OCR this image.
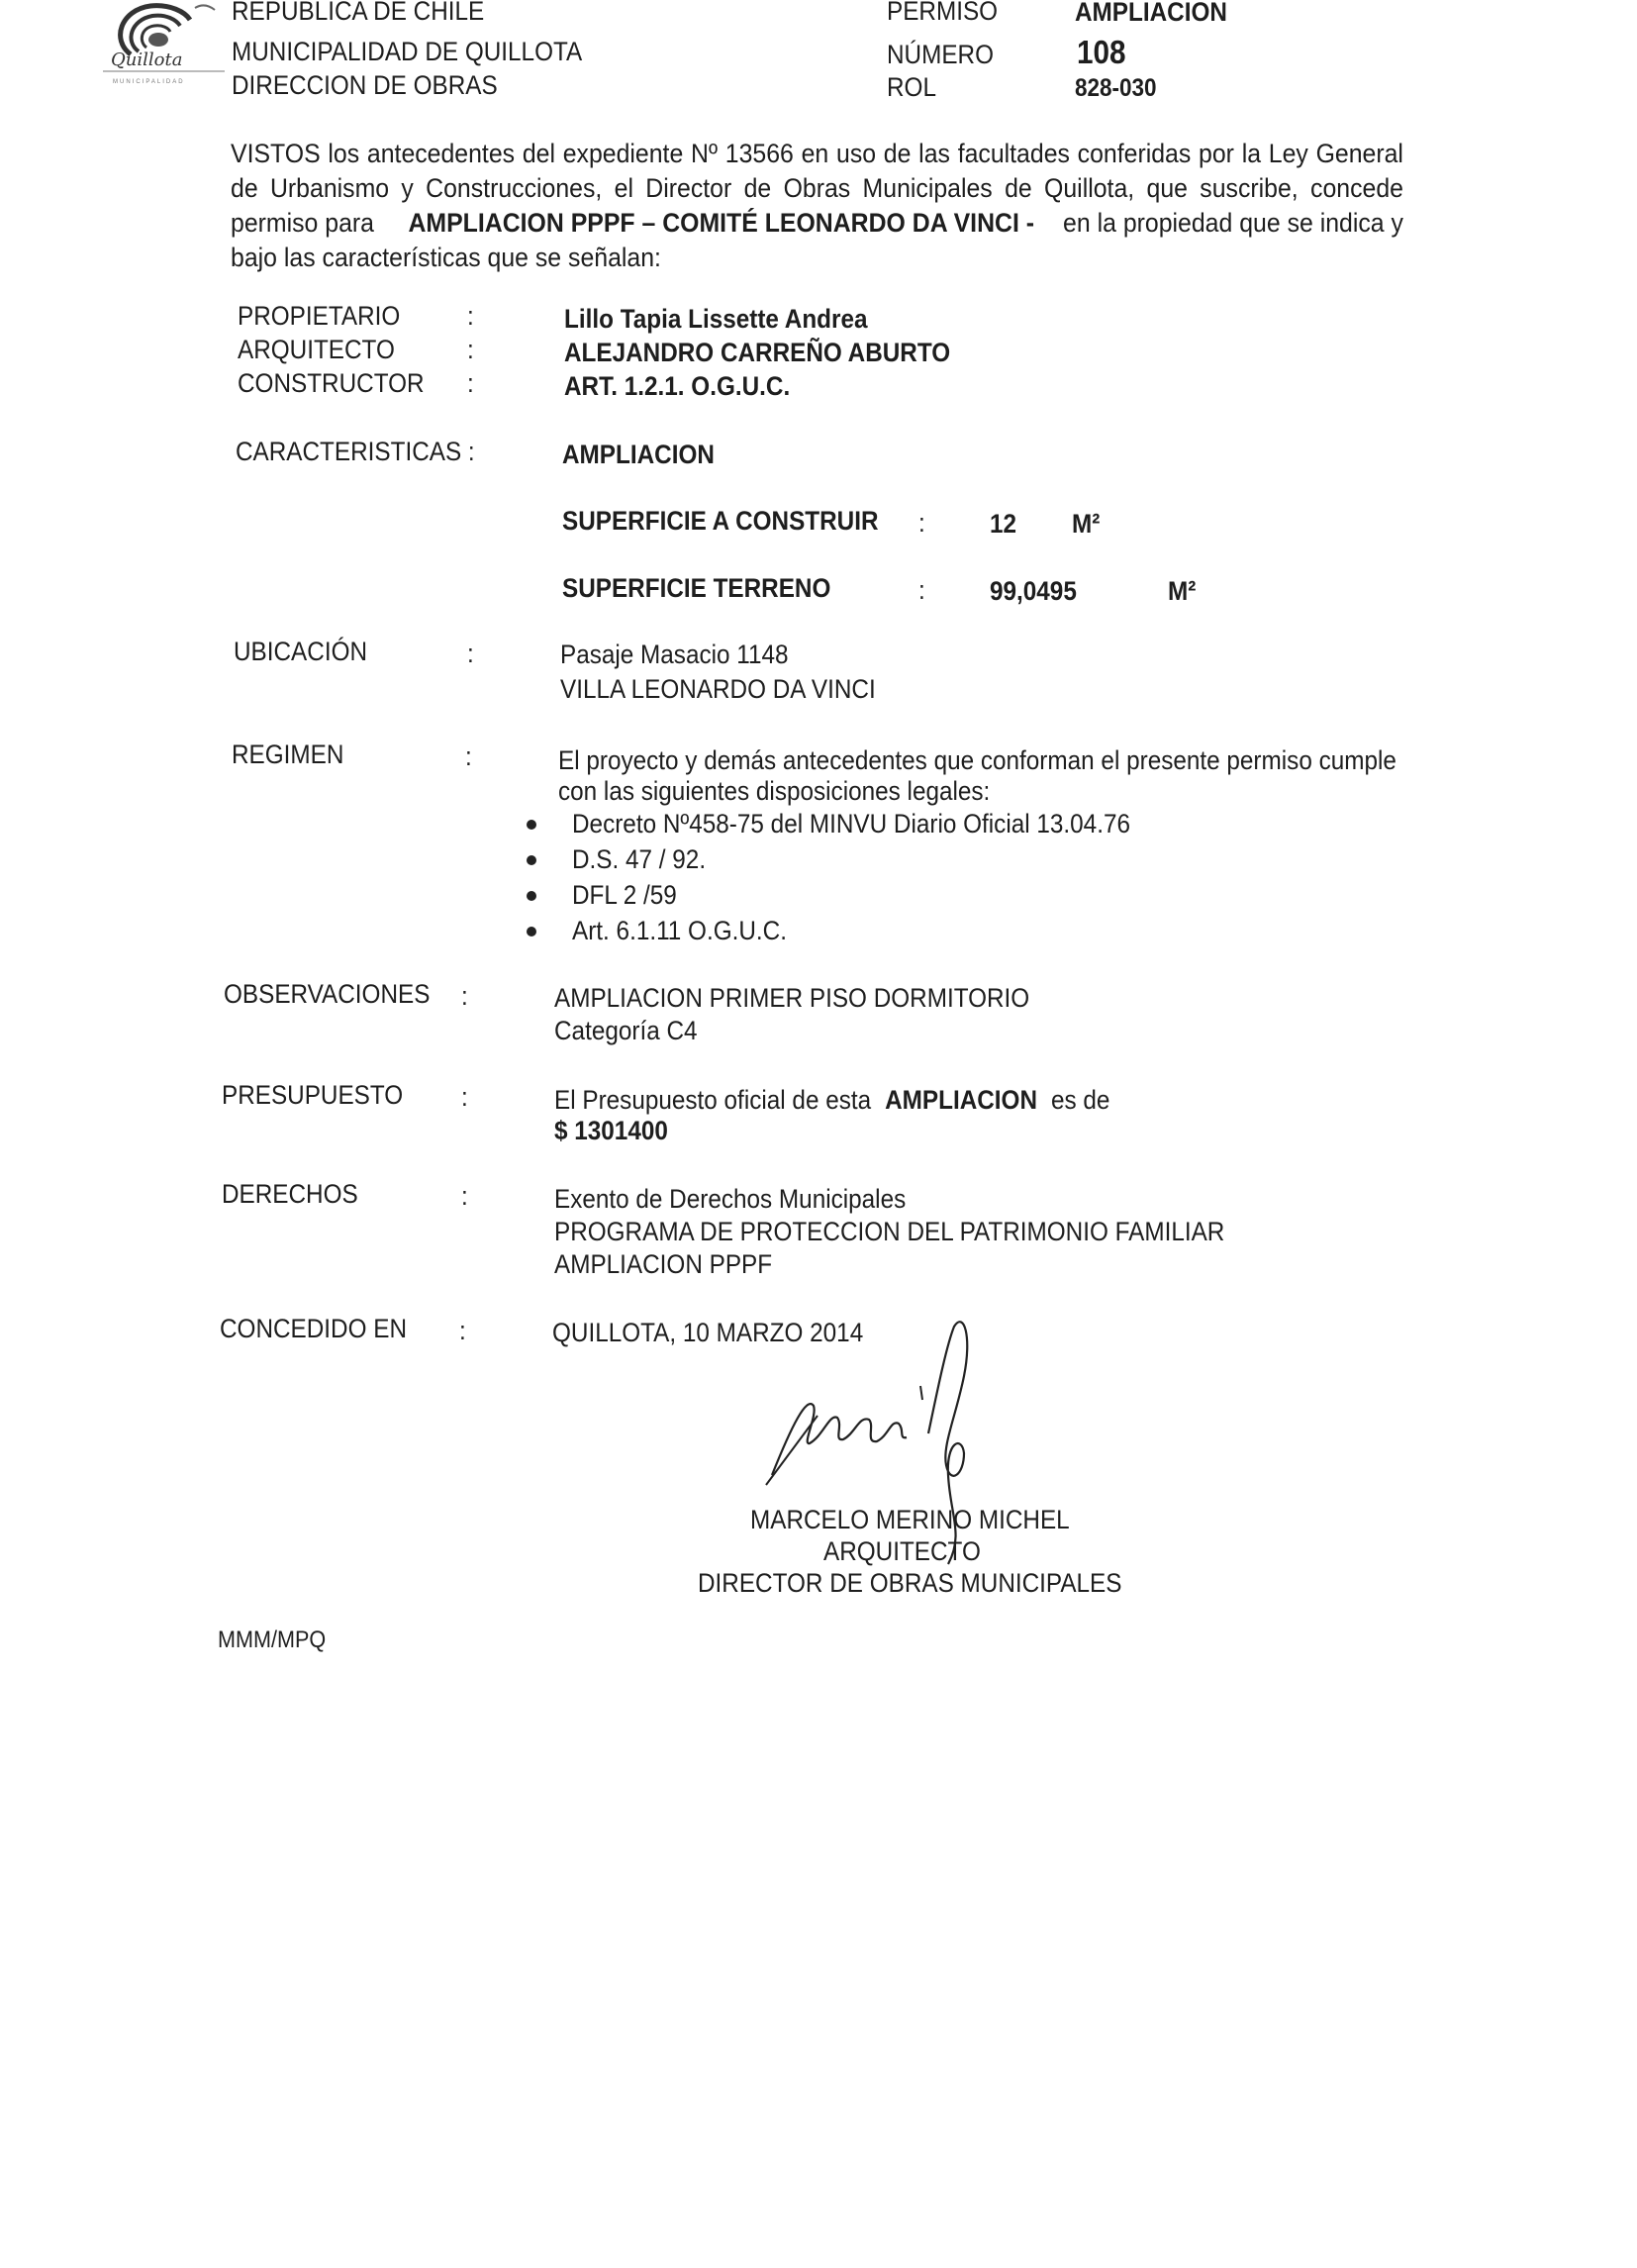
Quillota
MUNICIPALIDAD
REPUBLICA DE CHILE
MUNICIPALIDAD DE QUILLOTA
DIRECCION DE OBRAS
PERMISO	AMPLIACION
NÚMERO	108
ROL	828-030
VISTOS los antecedentes del expediente Nº 13566 en uso de las facultades conferidas por la Ley General de Urbanismo y Construcciones, el Director de Obras Municipales de Quillota, que suscribe, concede permiso para AMPLIACION PPPF – COMITÉ LEONARDO DA VINCI - en la propiedad que se indica y bajo las características que se señalan:
PROPIETARIO	:	Lillo Tapia Lissette Andrea
ARQUITECTO	:	ALEJANDRO CARREÑO ABURTO
CONSTRUCTOR :	ART. 1.2.1. O.G.U.C.
CARACTERISTICAS :	AMPLIACION
SUPERFICIE A CONSTRUIR : 12 M²
SUPERFICIE TERRENO	: 99,0495	M²
UBICACIÓN	:	Pasaje Masacio 1148
VILLA LEONARDO DA VINCI
REGIMEN	:	El proyecto y demás antecedentes que conforman el presente permiso cumple
con las siguientes disposiciones legales:
Decreto Nº458-75 del MINVU Diario Oficial 13.04.76
D.S. 47 / 92.
DFL 2 /59
Art. 6.1.11 O.G.U.C.
OBSERVACIONES :	AMPLIACION PRIMER PISO DORMITORIO
Categoría C4
PRESUPUESTO :	El Presupuesto oficial de esta AMPLIACION es de
$ 1301400
DERECHOS	:	Exento de Derechos Municipales
PROGRAMA DE PROTECCION DEL PATRIMONIO FAMILIAR
AMPLIACION PPPF
CONCEDIDO EN :	QUILLOTA, 10 MARZO 2014
MARCELO MERINO MICHEL
ARQUITECTO
DIRECTOR DE OBRAS MUNICIPALES
MMM/MPQ
